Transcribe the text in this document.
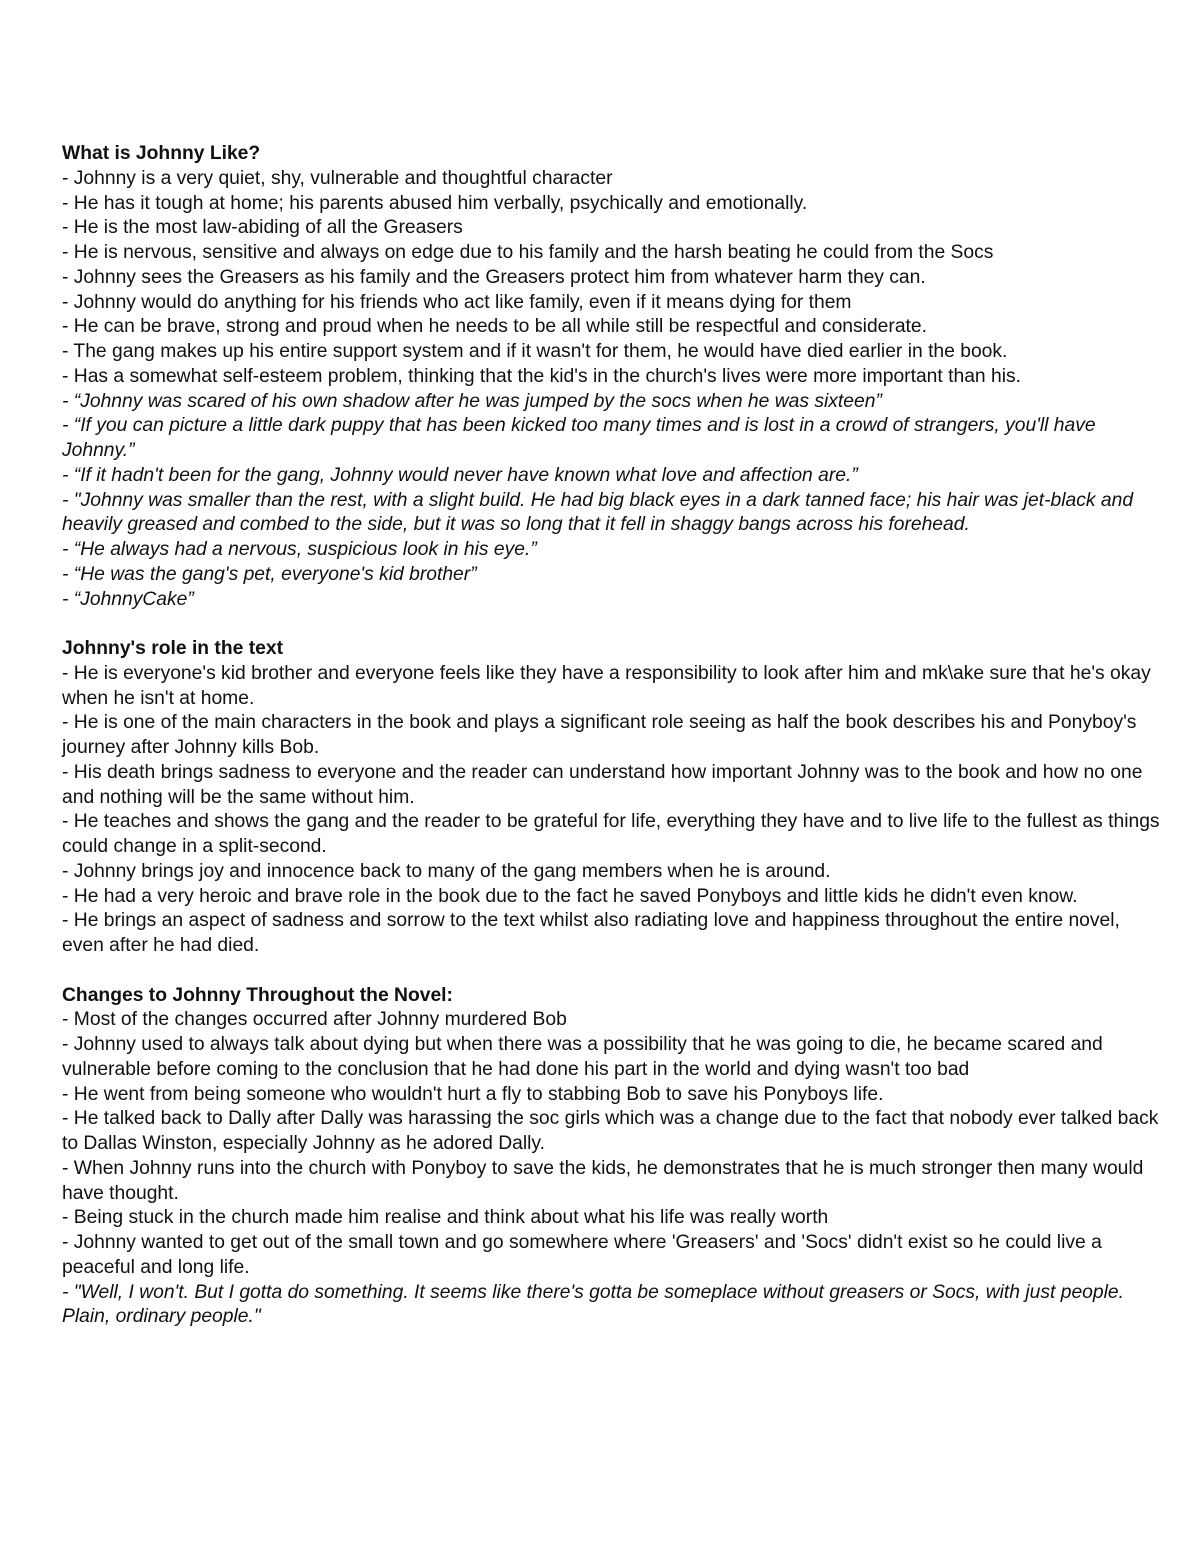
What is Johnny Like?

- Johnny is a very quiet, shy, vulnerable and thoughtful character

- He has it tough at home; his parents abused him verbally, psychically and emotionally.

- He is the most law-abiding of all the Greasers

- He is nervous, sensitive and always on edge due to his family and the harsh beating he could from the Socs

- Johnny sees the Greasers as his family and the Greasers protect him from whatever harm they can.

- Johnny would do anything for his friends who act like family, even if it means dying for them

- He can be brave, strong and proud when he needs to be all while still be respectful and considerate.

- The gang makes up his entire support system and if it wasn't for them, he would have died earlier in the book.

- Has a somewhat self-esteem problem, thinking that the kid's in the church's lives were more important than his.

- “Johnny was scared of his own shadow after he was jumped by the socs when he was sixteen”

- “If you can picture a little dark puppy that has been kicked too many times and is lost in a crowd of strangers, you'll have Johnny.”

- “If it hadn't been for the gang, Johnny would never have known what love and affection are.”

- "Johnny was smaller than the rest, with a slight build. He had big black eyes in a dark tanned face; his hair was jet-black and heavily greased and combed to the side, but it was so long that it fell in shaggy bangs across his forehead.

- “He always had a nervous, suspicious look in his eye.”

- “He was the gang's pet, everyone's kid brother”

- “JohnnyCake”

Johnny's role in the text

- He is everyone's kid brother and everyone feels like they have a responsibility to look after him and mk\ake sure that he's okay when he isn't at home.

- He is one of the main characters in the book and plays a significant role seeing as half the book describes his and Ponyboy's journey after Johnny kills Bob.

- His death brings sadness to everyone and the reader can understand how important Johnny was to the book and how no one and nothing will be the same without him.

- He teaches and shows the gang and the reader to be grateful for life, everything they have and to live life to the fullest as things could change in a split-second.

- Johnny brings joy and innocence back to many of the gang members when he is around.

- He had a very heroic and brave role in the book due to the fact he saved Ponyboys and little kids he didn't even know.

- He brings an aspect of sadness and sorrow to the text whilst also radiating love and happiness throughout the entire novel, even after he had died.

Changes to Johnny Throughout the Novel:

- Most of the changes occurred after Johnny murdered Bob

- Johnny used to always talk about dying but when there was a possibility that he was going to die, he became scared and vulnerable before coming to the conclusion that he had done his part in the world and dying wasn't too bad

- He went from being someone who wouldn't hurt a fly to stabbing Bob to save his Ponyboys life.

- He talked back to Dally after Dally was harassing the soc girls which was a change due to the fact that nobody ever talked back to Dallas Winston, especially Johnny as he adored Dally.

- When Johnny runs into the church with Ponyboy to save the kids, he demonstrates that he is much stronger then many would have thought.

- Being stuck in the church made him realise and think about what his life was really worth

- Johnny wanted to get out of the small town and go somewhere where 'Greasers' and 'Socs' didn't exist so he could live a peaceful and long life.

- "Well, I won't. But I gotta do something. It seems like there's gotta be someplace without greasers or Socs, with just people. Plain, ordinary people."
